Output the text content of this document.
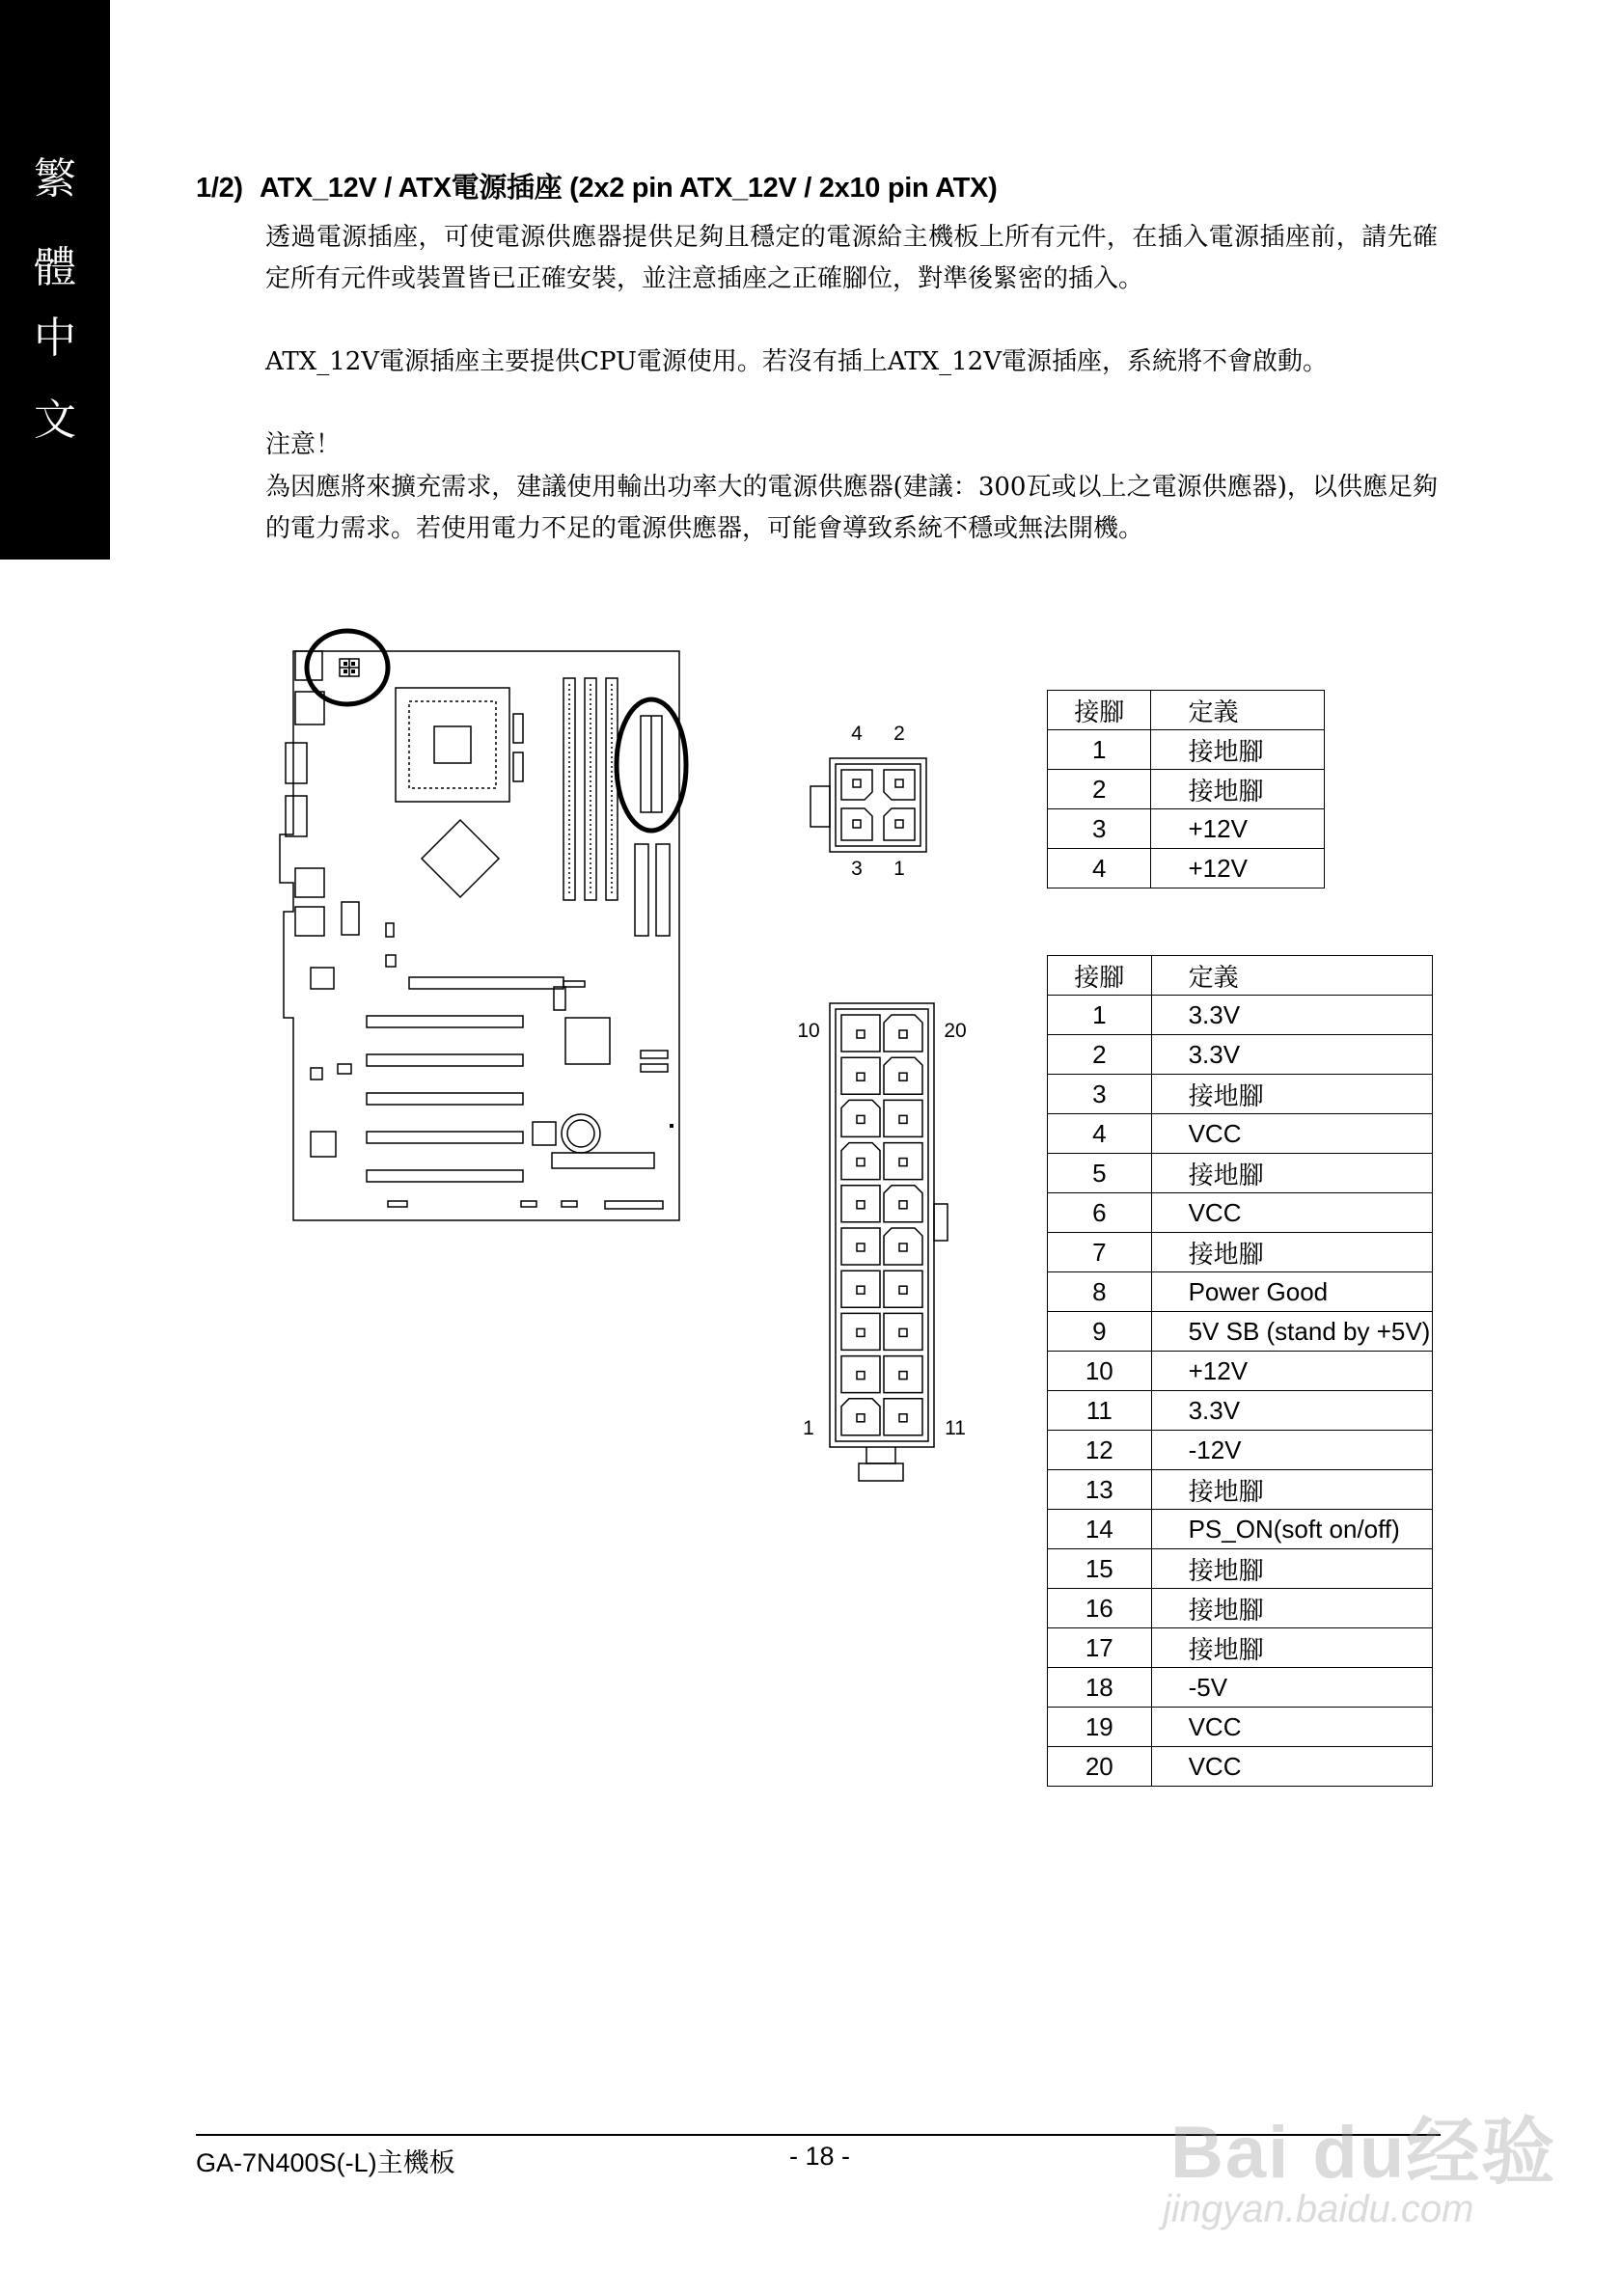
繁
體
中
文
1/2) ATX_12V / ATX電源插座 (2x2 pin ATX_12V / 2x10 pin ATX)
透過電源插座，可使電源供應器提供足夠且穩定的電源給主機板上所有元件，在插入電源插座前，請先確定所有元件或裝置皆已正確安裝，並注意插座之正確腳位，對準後緊密的插入。
ATX_12V電源插座主要提供CPU電源使用。若沒有插上ATX_12V電源插座，系統將不會啟動。
注意！
為因應將來擴充需求，建議使用輸出功率大的電源供應器(建議：300瓦或以上之電源供應器)，以供應足夠的電力需求。若使用電力不足的電源供應器，可能會導致系統不穩或無法開機。
4 2
3 1
10	20
1	11
接腳	定義
1	接地腳
2	接地腳
3	+12V
4	+12V
接腳	定義
1	3.3V
2	3.3V
3	接地腳
4	VCC
5	接地腳
6	VCC
7	接地腳
8	Power Good
9	5V SB (stand by +5V)
10	+12V
11	3.3V
12	-12V
13	接地腳
14	PS_ON(soft on/off)
15	接地腳
16	接地腳
17	接地腳
18	-5V
19	VCC
20	VCC
GA-7N400S(-L)主機板	- 18 -	Bai du经验
jingyan.baidu.com
